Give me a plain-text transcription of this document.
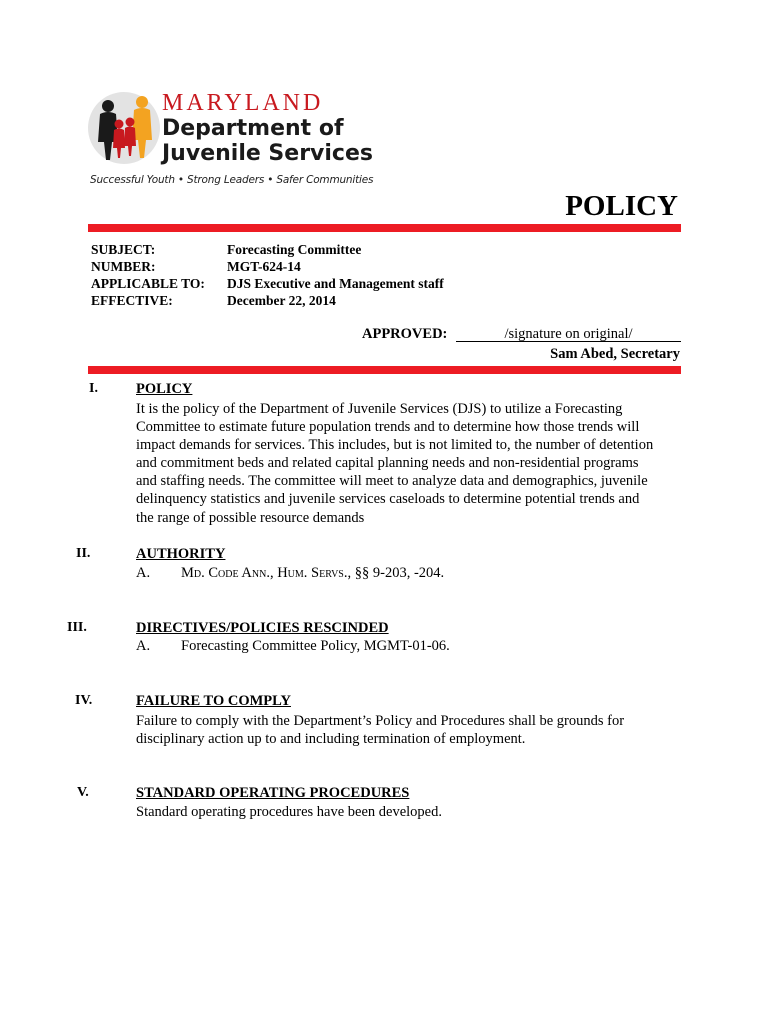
MARYLAND
Department of
Juvenile Services
Successful Youth • Strong Leaders • Safer Communities
POLICY
SUBJECT:	Forecasting Committee
NUMBER:	MGT-624-14
APPLICABLE TO: DJS Executive and Management staff
EFFECTIVE:	December 22, 2014
APPROVED:	/signature on original/
Sam Abed, Secretary
I.	POLICY
It is the policy of the Department of Juvenile Services (DJS) to utilize a Forecasting
Committee to estimate future population trends and to determine how those trends will
impact demands for services. This includes, but is not limited to, the number of detention
and commitment beds and related capital planning needs and non-residential programs
and staffing needs. The committee will meet to analyze data and demographics, juvenile
delinquency statistics and juvenile services caseloads to determine potential trends and
the range of possible resource demands
II.	AUTHORITY
A. Md. Code Ann., Hum. Servs., §§ 9-203, -204.
III.	DIRECTIVES/POLICIES RESCINDED
A. Forecasting Committee Policy, MGMT-01-06.
IV.	FAILURE TO COMPLY
Failure to comply with the Department’s Policy and Procedures shall be grounds for
disciplinary action up to and including termination of employment.
V.	STANDARD OPERATING PROCEDURES
Standard operating procedures have been developed.
